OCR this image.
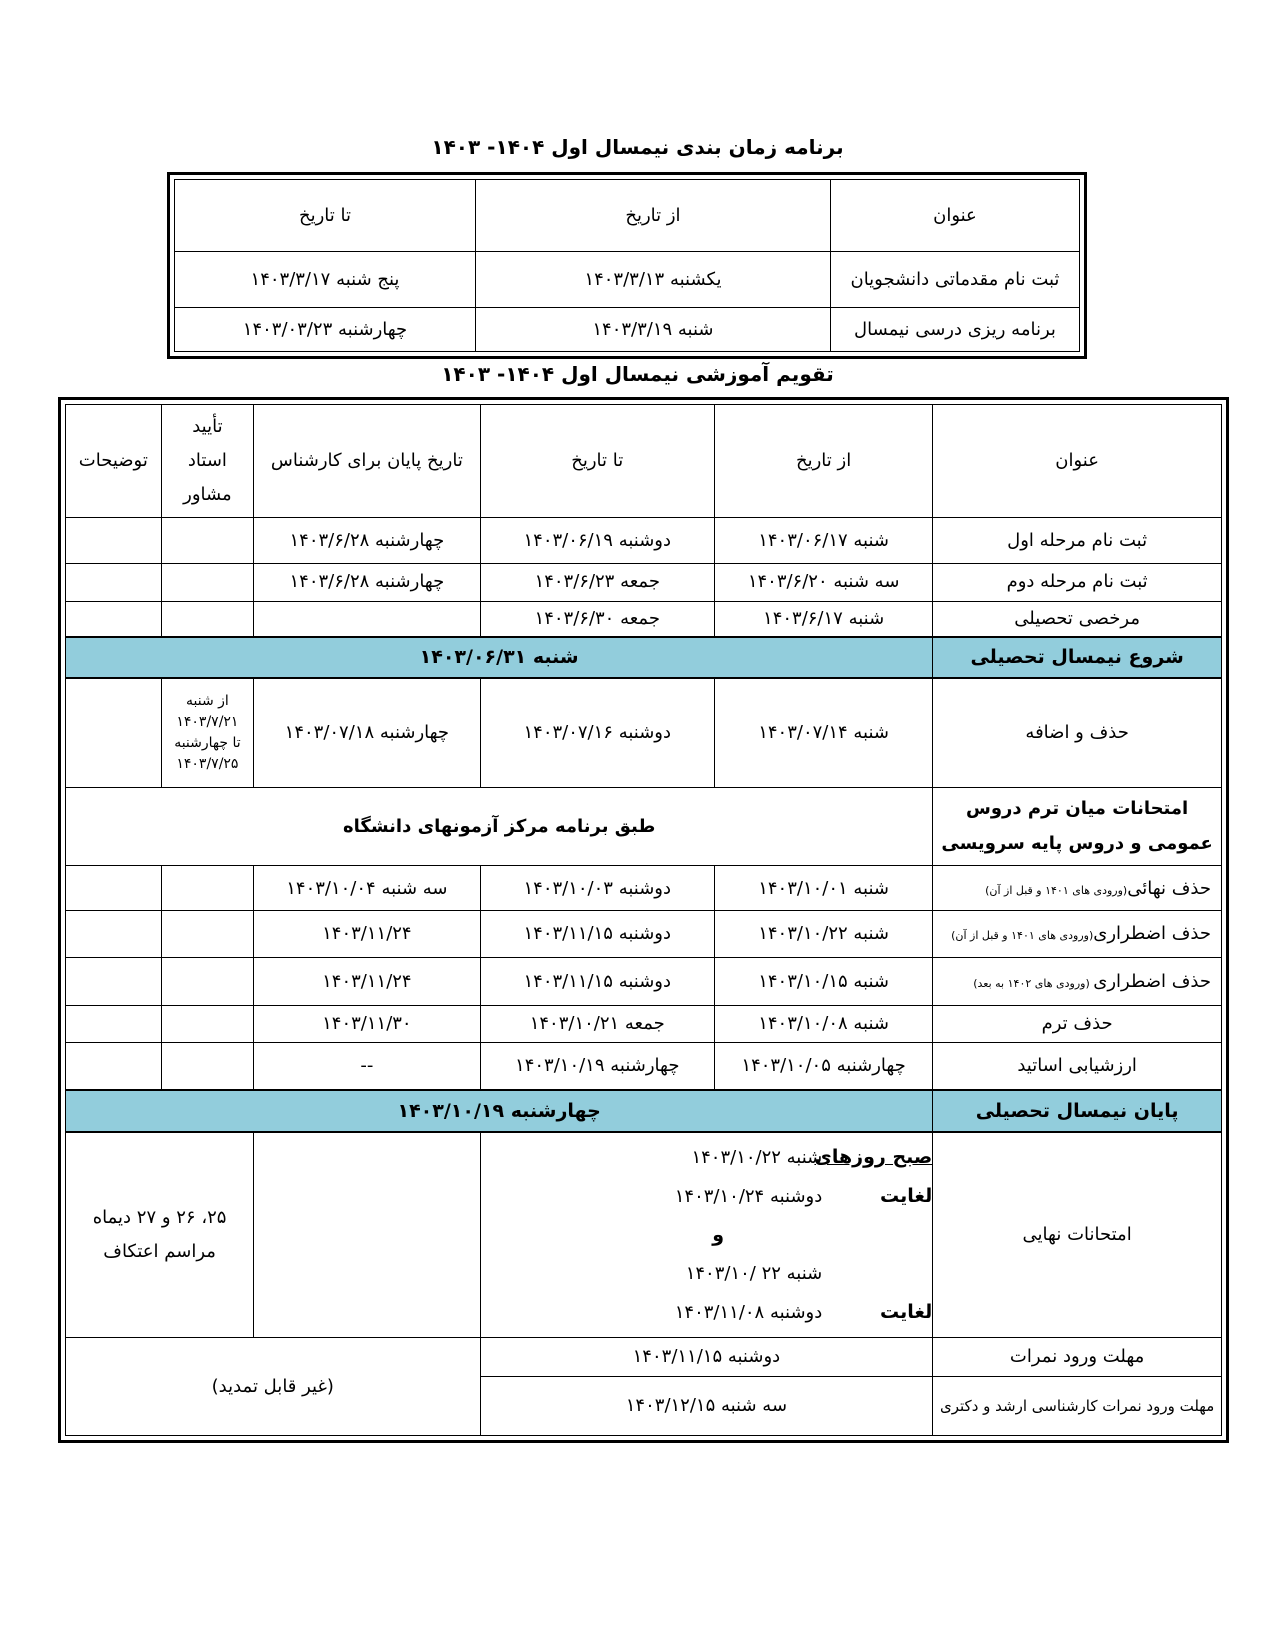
برنامه زمان بندی نیمسال اول ۱۴۰۴- ۱۴۰۳
عنوان	از تاریخ	تا تاریخ
ثبت نام مقدماتی دانشجویان	یکشنبه ۱۴۰۳/۳/۱۳	پنج شنبه ۱۴۰۳/۳/۱۷
برنامه ریزی درسی نیمسال	شنبه ۱۴۰۳/۳/۱۹	چهارشنبه ۱۴۰۳/۰۳/۲۳
تقویم آموزشی نیمسال اول ۱۴۰۴- ۱۴۰۳
عنوان	از تاریخ	تا تاریخ	تاریخ پایان برای کارشناس	تأیید
استاد
مشاور	توضیحات
ثبت نام مرحله اول	شنبه ۱۴۰۳/۰۶/۱۷	دوشنبه ۱۴۰۳/۰۶/۱۹	چهارشنبه ۱۴۰۳/۶/۲۸		
ثبت نام مرحله دوم	سه شنبه ۱۴۰۳/۶/۲۰	جمعه ۱۴۰۳/۶/۲۳	چهارشنبه ۱۴۰۳/۶/۲۸		
مرخصی تحصیلی	شنبه ۱۴۰۳/۶/۱۷	جمعه ۱۴۰۳/۶/۳۰			
شروع نیمسال تحصیلی	شنبه ۱۴۰۳/۰۶/۳۱				
حذف و اضافه	شنبه ۱۴۰۳/۰۷/۱۴	دوشنبه ۱۴۰۳/۰۷/۱۶	چهارشنبه ۱۴۰۳/۰۷/۱۸	از شنبه
۱۴۰۳/۷/۲۱
تا چهارشنبه
۱۴۰۳/۷/۲۵	
امتحانات میان ترم دروس
عمومی و دروس پایه سرویسی	طبق برنامه مرکز آزمونهای دانشگاه				
حذف نهائی(ورودی های ۱۴۰۱ و قبل از آن)	شنبه ۱۴۰۳/۱۰/۰۱	دوشنبه ۱۴۰۳/۱۰/۰۳	سه شنبه ۱۴۰۳/۱۰/۰۴		
حذف اضطراری(ورودی های ۱۴۰۱ و قبل از آن)	شنبه ۱۴۰۳/۱۰/۲۲	دوشنبه ۱۴۰۳/۱۱/۱۵	۱۴۰۳/۱۱/۲۴		
حذف اضطراری (ورودی های ۱۴۰۲ به بعد)	شنبه ۱۴۰۳/۱۰/۱۵	دوشنبه ۱۴۰۳/۱۱/۱۵	۱۴۰۳/۱۱/۲۴		
حذف ترم	شنبه ۱۴۰۳/۱۰/۰۸	جمعه ۱۴۰۳/۱۰/۲۱	۱۴۰۳/۱۱/۳۰		
ارزشیابی اساتید	چهارشنبه ۱۴۰۳/۱۰/۰۵	چهارشنبه ۱۴۰۳/۱۰/۱۹	--		
پایان نیمسال تحصیلی	چهارشنبه ۱۴۰۳/۱۰/۱۹				
امتحانات نهایی	صبح روزهایشنبه ۱۴۰۳/۱۰/۲۲
لغایتدوشنبه ۱۴۰۳/۱۰/۲۴
و
شنبه ۲۲ /۱۴۰۳/۱۰
لغایتدوشنبه ۱۴۰۳/۱۱/۰۸			۲۵، ۲۶ و ۲۷ دیماه
مراسم اعتکاف	
مهلت ورود نمرات	دوشنبه ۱۴۰۳/۱۱/۱۵		(غیر قابل تمدید)		
مهلت ورود نمرات کارشناسی ارشد و دکتری	سه شنبه ۱۴۰۳/۱۲/۱۵				
